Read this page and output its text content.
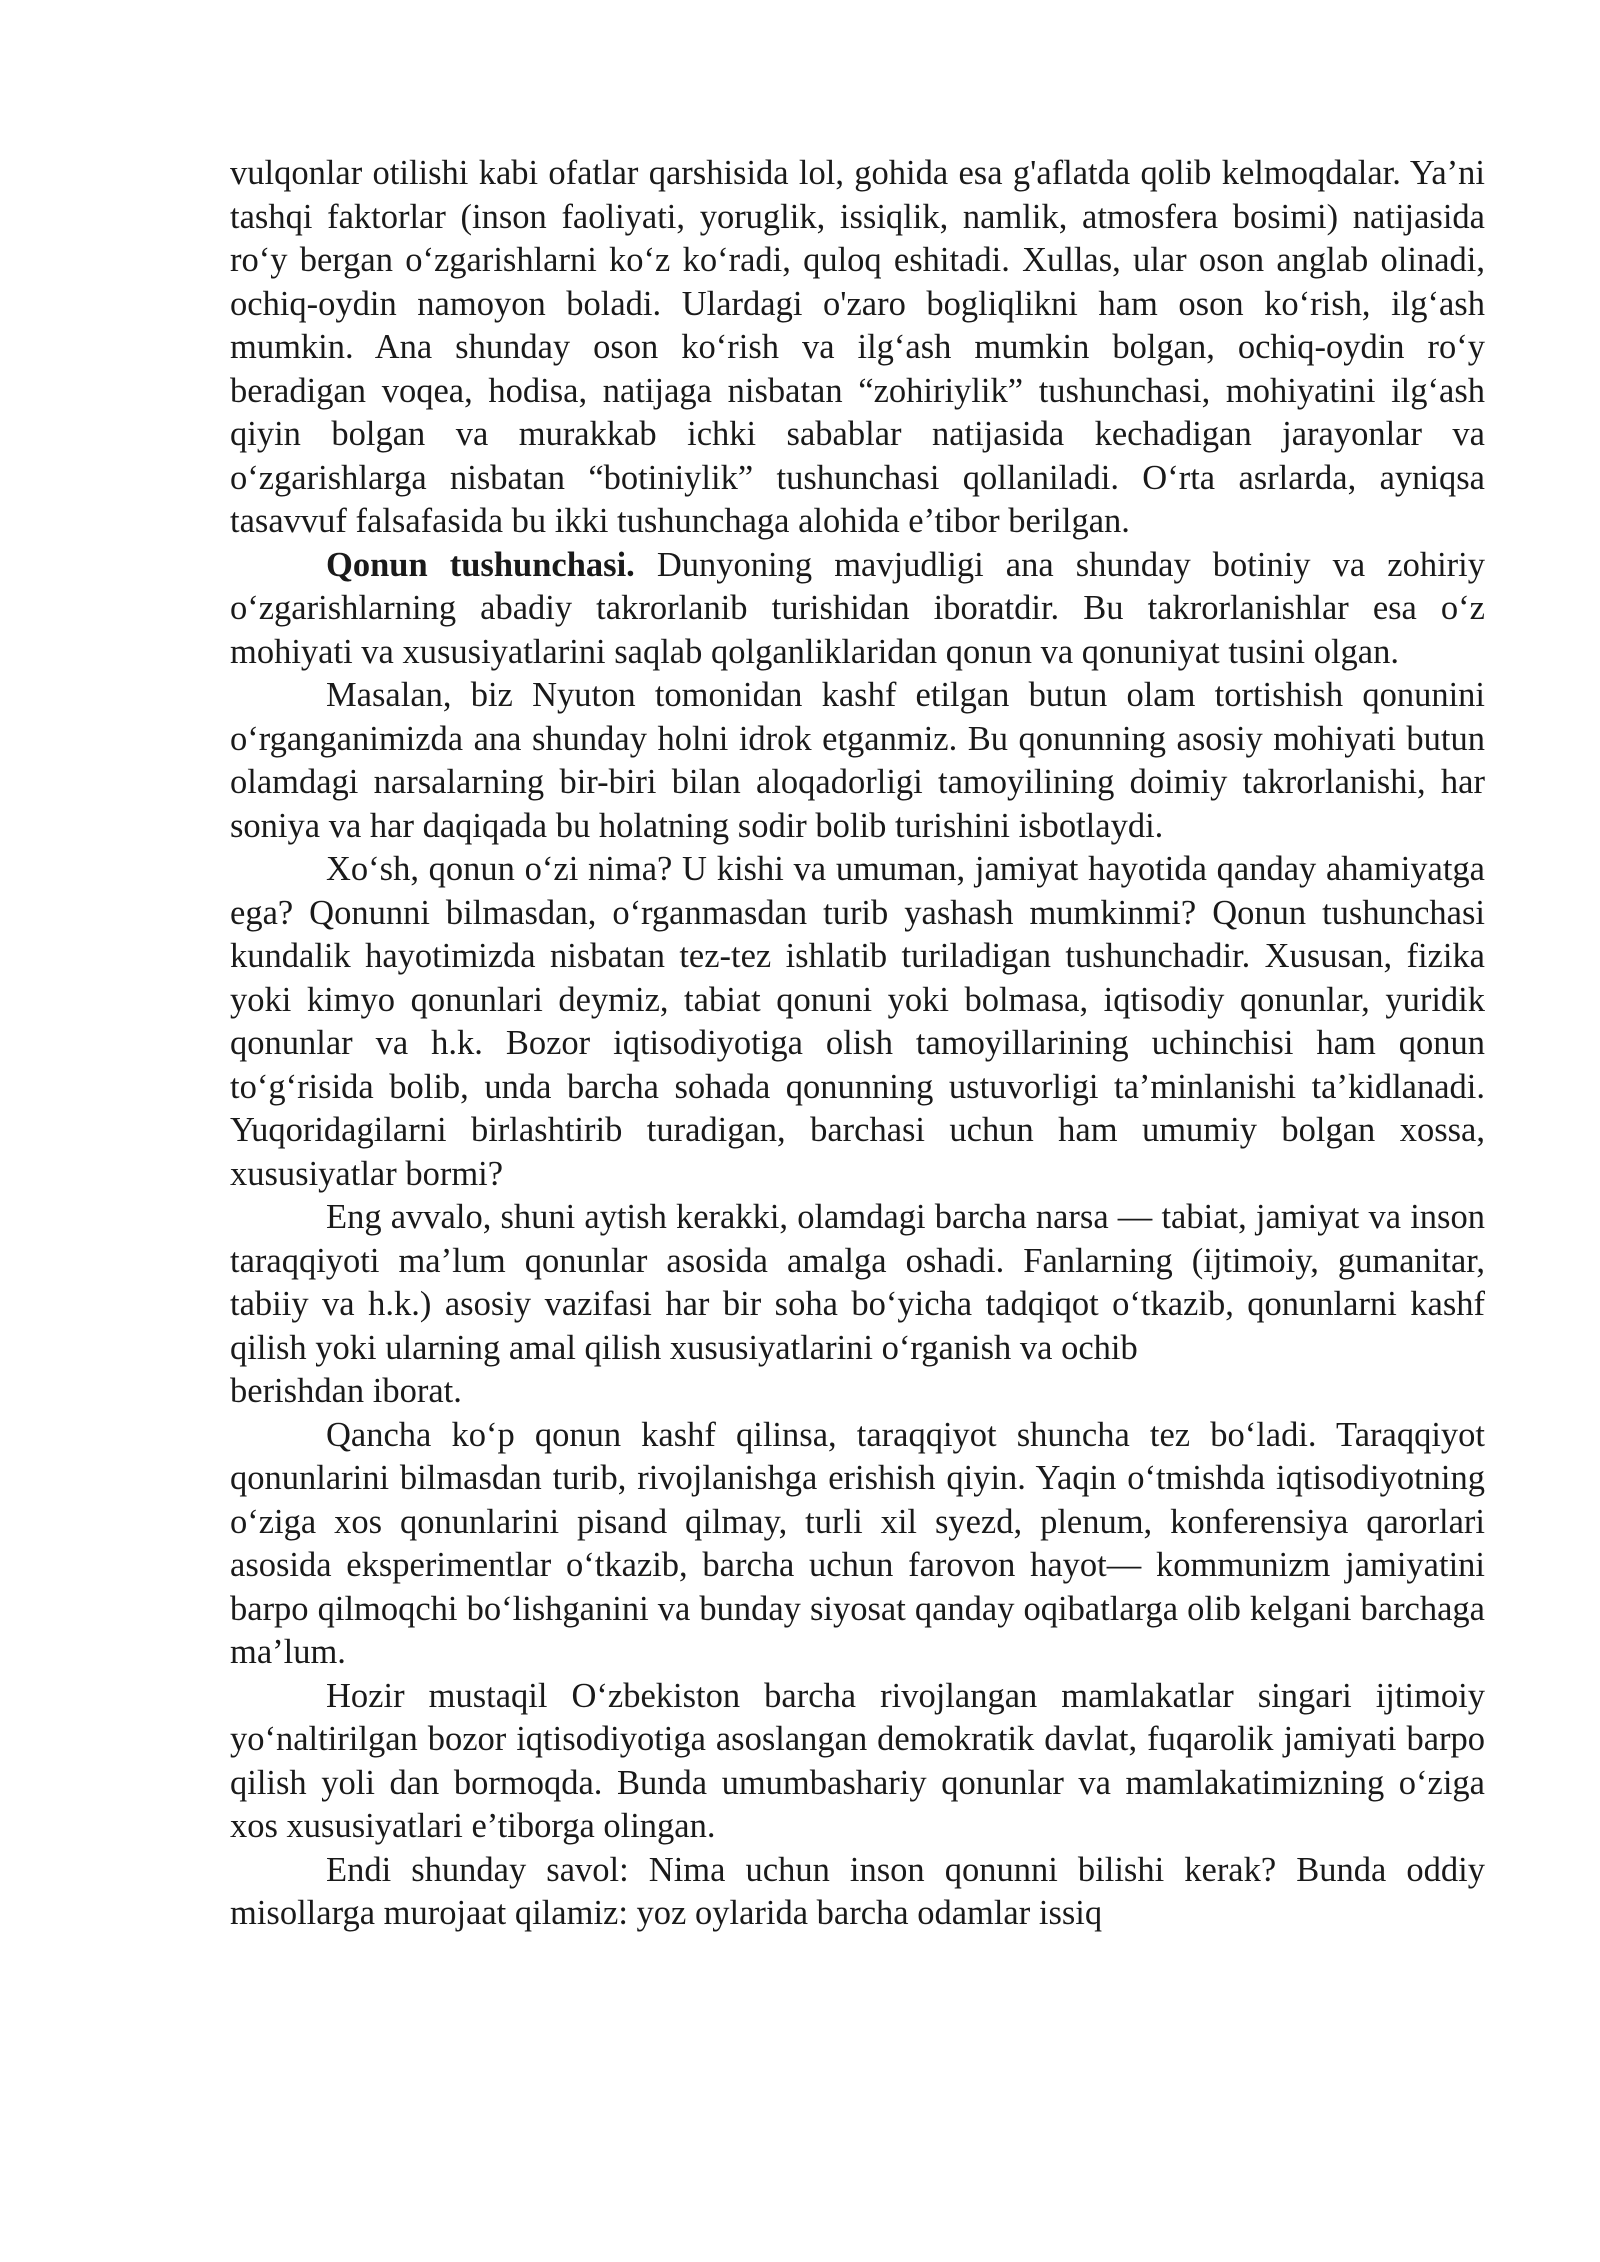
vulqonlar otilishi kabi ofatlar qarshisida lol, gohida esa g'aflatda qolib kelmoqdalar. Ya’ni tashqi faktorlar (inson faoliyati, yoruglik, issiqlik, namlik, atmosfera bosimi) natijasida ro‘y bergan o‘zgarishlarni ko‘z ko‘radi, quloq eshitadi. Xullas, ular oson anglab olinadi, ochiq-oydin namoyon boladi. Ulardagi o'zaro bogliqlikni ham oson ko‘rish, ilg‘ash mumkin. Ana shunday oson ko‘rish va ilg‘ash mumkin bolgan, ochiq-oydin ro‘y beradigan voqea, hodisa, natijaga nisbatan “zohiriylik” tushunchasi, mohiyatini ilg‘ash qiyin bolgan va murakkab ichki sabablar natijasida kechadigan jarayonlar va o‘zgarishlarga nisbatan “botiniylik” tushunchasi qollaniladi. O‘rta asrlarda, ayniqsa tasavvuf falsafasida bu ikki tushunchaga alohida e’tibor berilgan.

Qonun tushunchasi. Dunyoning mavjudligi ana shunday botiniy va zohiriy o‘zgarishlarning abadiy takrorlanib turishidan iboratdir. Bu takrorlanishlar esa o‘z mohiyati va xususiyatlarini saqlab qolganliklaridan qonun va qonuniyat tusini olgan.

Masalan, biz Nyuton tomonidan kashf etilgan butun olam tortishish qonunini o‘rganganimizda ana shunday holni idrok etganmiz. Bu qonunning asosiy mohiyati butun olamdagi narsalarning bir-biri bilan aloqadorligi tamoyilining doimiy takrorlanishi, har soniya va har daqiqada bu holatning sodir bolib turishini isbotlaydi.

Xo‘sh, qonun o‘zi nima? U kishi va umuman, jamiyat hayotida qanday ahamiyatga ega? Qonunni bilmasdan, o‘rganmasdan turib yashash mumkinmi? Qonun tushunchasi kundalik hayotimizda nisbatan tez-tez ishlatib turiladigan tushunchadir. Xususan, fizika yoki kimyo qonunlari deymiz, tabiat qonuni yoki bolmasa, iqtisodiy qonunlar, yuridik qonunlar va h.k. Bozor iqtisodiyotiga olish tamoyillarining uchinchisi ham qonun to‘g‘risida bolib, unda barcha sohada qonunning ustuvorligi ta’minlanishi ta’kidlanadi. Yuqoridagilarni birlashtirib turadigan, barchasi uchun ham umumiy bolgan xossa, xususiyatlar bormi?

Eng avvalo, shuni aytish kerakki, olamdagi barcha narsa — tabiat, jamiyat va inson taraqqiyoti ma’lum qonunlar asosida amalga oshadi. Fanlarning (ijtimoiy, gumanitar, tabiiy va h.k.) asosiy vazifasi har bir soha bo‘yicha tadqiqot o‘tkazib, qonunlarni kashf qilish yoki ularning amal qilish xususiyatlarini o‘rganish va ochib

berishdan iborat.

Qancha ko‘p qonun kashf qilinsa, taraqqiyot shuncha tez bo‘ladi. Taraqqiyot qonunlarini bilmasdan turib, rivojlanishga erishish qiyin. Yaqin o‘tmishda iqtisodiyotning o‘ziga xos qonunlarini pisand qilmay, turli xil syezd, plenum, konferensiya qarorlari asosida eksperimentlar o‘tkazib, barcha uchun farovon hayot— kommunizm jamiyatini barpo qilmoqchi bo‘lishganini va bunday siyosat qanday oqibatlarga olib kelgani barchaga ma’lum.

Hozir mustaqil O‘zbekiston barcha rivojlangan mamlakatlar singari ijtimoiy yo‘naltirilgan bozor iqtisodiyotiga asoslangan demokratik davlat, fuqarolik jamiyati barpo qilish yoli dan bormoqda. Bunda umumbashariy qonunlar va mamlakatimizning o‘ziga xos xususiyatlari e’tiborga olingan.

Endi shunday savol: Nima uchun inson qonunni bilishi kerak? Bunda oddiy misollarga murojaat qilamiz: yoz oylarida barcha odamlar issiq
